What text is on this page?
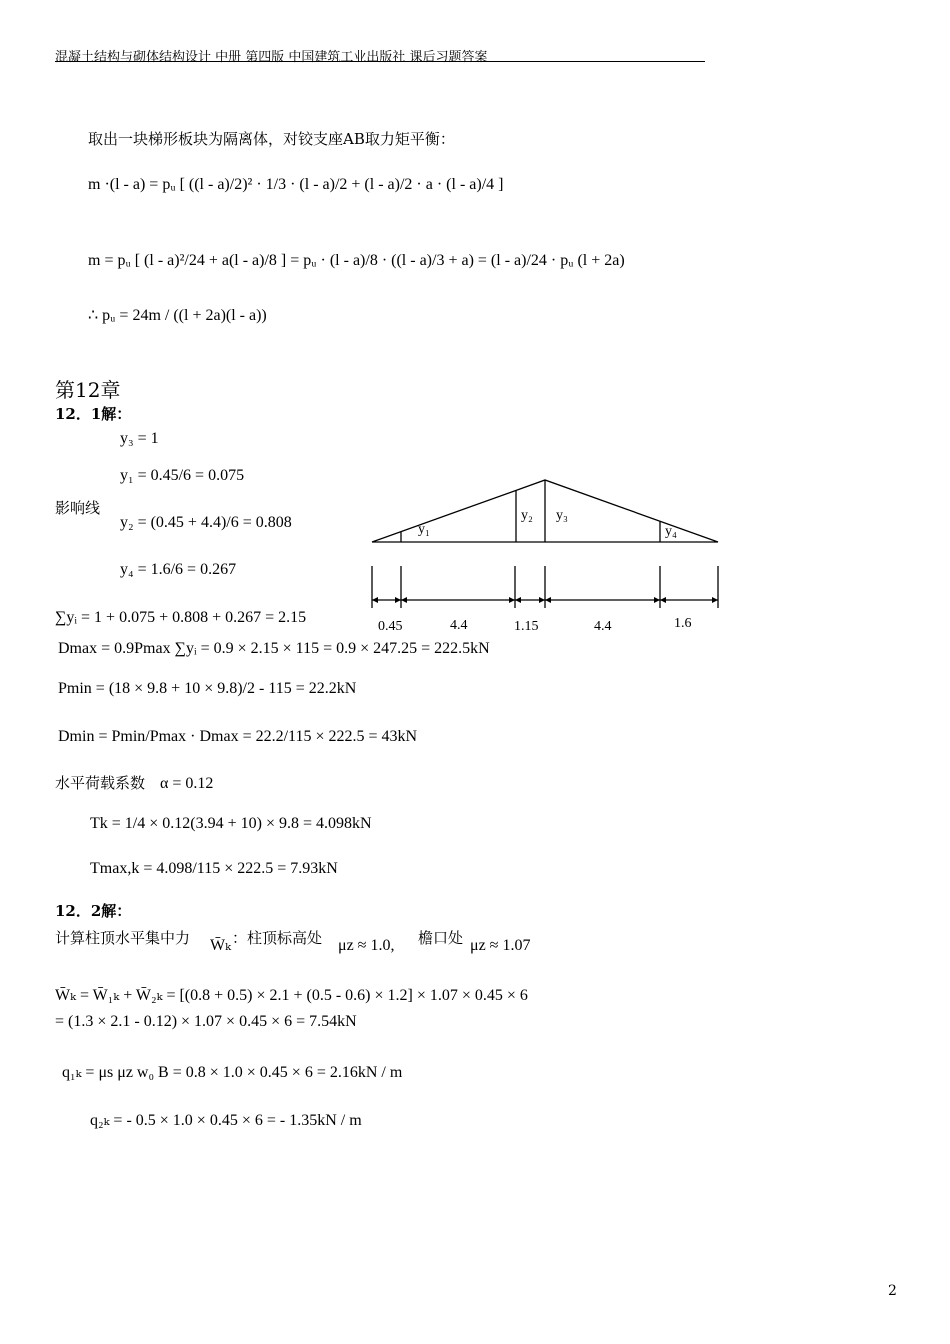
混凝土结构与砌体结构设计 中册 第四版 中国建筑工业出版社 课后习题答案
取出一块梯形板块为隔离体，对铰支座AB取力矩平衡：
m ·(l - a) = pᵤ [ ((l - a)/2)² · 1/3 · (l - a)/2 + (l - a)/2 · a · (l - a)/4 ]
m = pᵤ [ (l - a)²/24 + a(l - a)/8 ] = pᵤ · (l - a)/8 · ((l - a)/3 + a) = (l - a)/24 · pᵤ (l + 2a)
∴ pᵤ = 24m / ((l + 2a)(l - a))
第12章
12．1解：
y₃ = 1
y₁ = 0.45/6 = 0.075
影响线
y₂ = (0.45 + 4.4)/6 = 0.808
y₄ = 1.6/6 = 0.267
y₁
y₂ y₃
y₄
0.45	4.4	1.15	4.4	1.6
∑yᵢ = 1 + 0.075 + 0.808 + 0.267 = 2.15
Dmax = 0.9Pmax ∑yᵢ = 0.9 × 2.15 × 115 = 0.9 × 247.25 = 222.5kN
Pmin = (18 × 9.8 + 10 × 9.8)/2 - 115 = 22.2kN
Dmin = Pmin/Pmax · Dmax = 22.2/115 × 222.5 = 43kN
水平荷载系数 α = 0.12
Tk = 1/4 × 0.12(3.94 + 10) × 9.8 = 4.098kN
Tmax,k = 4.098/115 × 222.5 = 7.93kN
12．2解：
计算柱顶水平集中力 W̄ₖ ：柱顶标高处 μz ≈ 1.0, 檐口处 μz ≈ 1.07
W̄ₖ = W̄₁ₖ + W̄₂ₖ = [(0.8 + 0.5) × 2.1 + (0.5 - 0.6) × 1.2] × 1.07 × 0.45 × 6
= (1.3 × 2.1 - 0.12) × 1.07 × 0.45 × 6 = 7.54kN
q₁ₖ = μs μz w₀ B = 0.8 × 1.0 × 0.45 × 6 = 2.16kN / m
q₂ₖ = - 0.5 × 1.0 × 0.45 × 6 = - 1.35kN / m
2
